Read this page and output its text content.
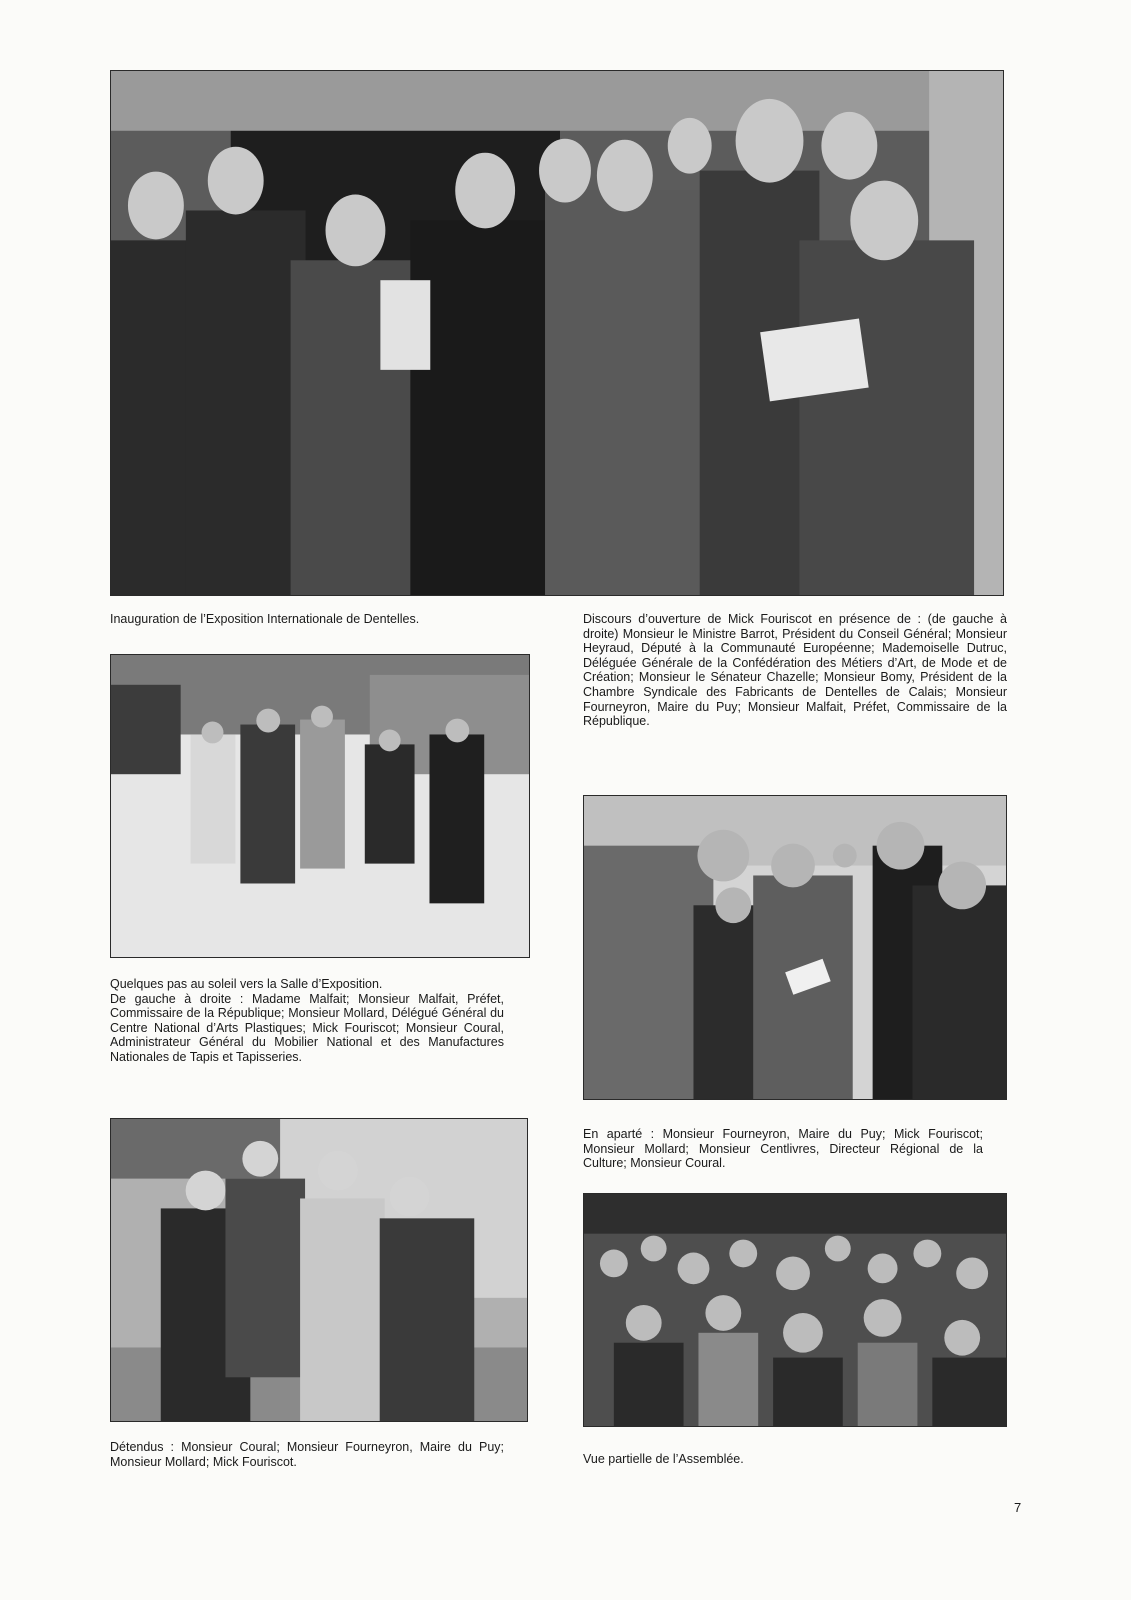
Inauguration de l’Exposition Internationale de Dentelles.	Discours d’ouverture de Mick Fouriscot en présence de : (de gauche à droite) Monsieur le Ministre Barrot, Président du Conseil Général; Monsieur Heyraud, Député à la Communauté Européenne; Mademoiselle Dutruc, Déléguée Générale de la Confédération des Métiers d’Art, de Mode et de Création; Monsieur le Sénateur Chazelle; Monsieur Bomy, Président de la Chambre Syndicale des Fabricants de Dentelles de Calais; Monsieur Fourneyron, Maire du Puy; Monsieur Malfait, Préfet, Commissaire de la République.

Quelques pas au soleil vers la Salle d’Exposition.
De gauche à droite : Madame Malfait; Monsieur Malfait, Préfet, Commissaire de la République; Monsieur Mollard, Délégué Général du Centre National d’Arts Plastiques; Mick Fouriscot; Monsieur Coural, Administrateur Général du Mobilier National et des Manufactures Nationales de Tapis et Tapisseries.

En aparté : Monsieur Fourneyron, Maire du Puy; Mick Fouriscot; Monsieur Mollard; Monsieur Centlivres, Directeur Régional de la Culture; Monsieur Coural.

Détendus : Monsieur Coural; Monsieur Fourneyron, Maire du Puy; Monsieur Mollard; Mick Fouriscot.	Vue partielle de l’Assemblée.

7
